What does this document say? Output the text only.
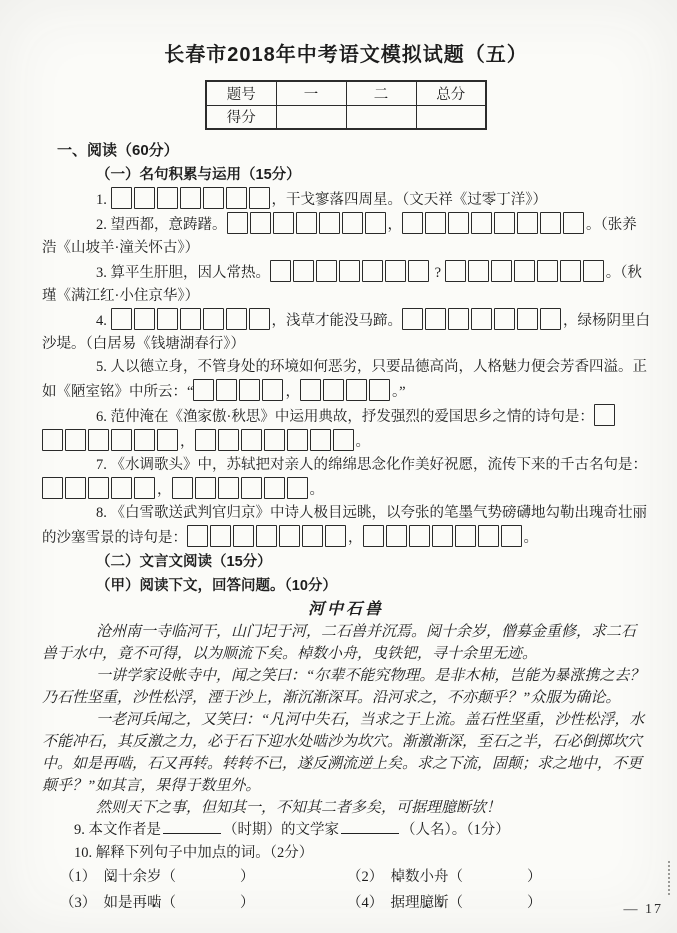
长春市2018年中考语文模拟试题（五）
题号	一	二	总分
得分			
一、阅读（60分）
（一）名句积累与运用（15分）
1.	，干戈寥落四周星。（文天祥《过零丁洋》）
2. 望西都，意踌躇。	，	。（张养浩《山坡羊·潼关怀古》）
3. 算平生肝胆，因人常热。	?	。（秋瑾《满江红·小住京华》）
4.	，浅草才能没马蹄。	，绿杨阴里白沙堤。（白居易《钱塘湖春行》）
5. 人以德立身，不管身处的环境如何恶劣，只要品德高尚，人格魅力便会芳香四溢。正如《陋室铭》中所云：“	，	。”
6. 范仲淹在《渔家傲·秋思》中运用典故，抒发强烈的爱国思乡之情的诗句是：
，	。
7. 《水调歌头》中，苏轼把对亲人的绵绵思念化作美好祝愿，流传下来的千古名句是：
，	。
8. 《白雪歌送武判官归京》中诗人极目远眺，以夸张的笔墨气势磅礴地勾勒出瑰奇壮丽的沙塞雪景的诗句是：	，	。
（二）文言文阅读（15分）
（甲）阅读下文，回答问题。（10分）
河中石兽

沧州南一寺临河干，山门圮于河，二石兽并沉焉。阅十余岁，僧募金重修，求二石兽于水中，竟不可得，以为顺流下矣。棹数小舟，曳铁钯，寻十余里无迹。

一讲学家设帐寺中，闻之笑曰：“尔辈不能究物理。是非木杮，岂能为暴涨携之去？乃石性坚重，沙性松浮，湮于沙上，渐沉渐深耳。沿河求之，不亦颠乎？”众服为确论。

一老河兵闻之，又笑曰：“凡河中失石，当求之于上流。盖石性坚重，沙性松浮，水不能冲石，其反激之力，必于石下迎水处啮沙为坎穴。渐激渐深，至石之半，石必倒掷坎穴中。如是再啮，石又再转。转转不已，遂反溯流逆上矣。求之下流，固颠；求之地中，不更颠乎？”如其言，果得于数里外。

然则天下之事，但知其一，不知其二者多矣，可据理臆断欤！

9. 本文作者是	（时期）的文学家	（人名）。（1分）
10. 解释下列句子中加点的词。（2分）
（1） 阅十余岁（	）	（2） 棹数小舟（	）
（3） 如是再啮（	）	（4） 据理臆断（	）	— 17
